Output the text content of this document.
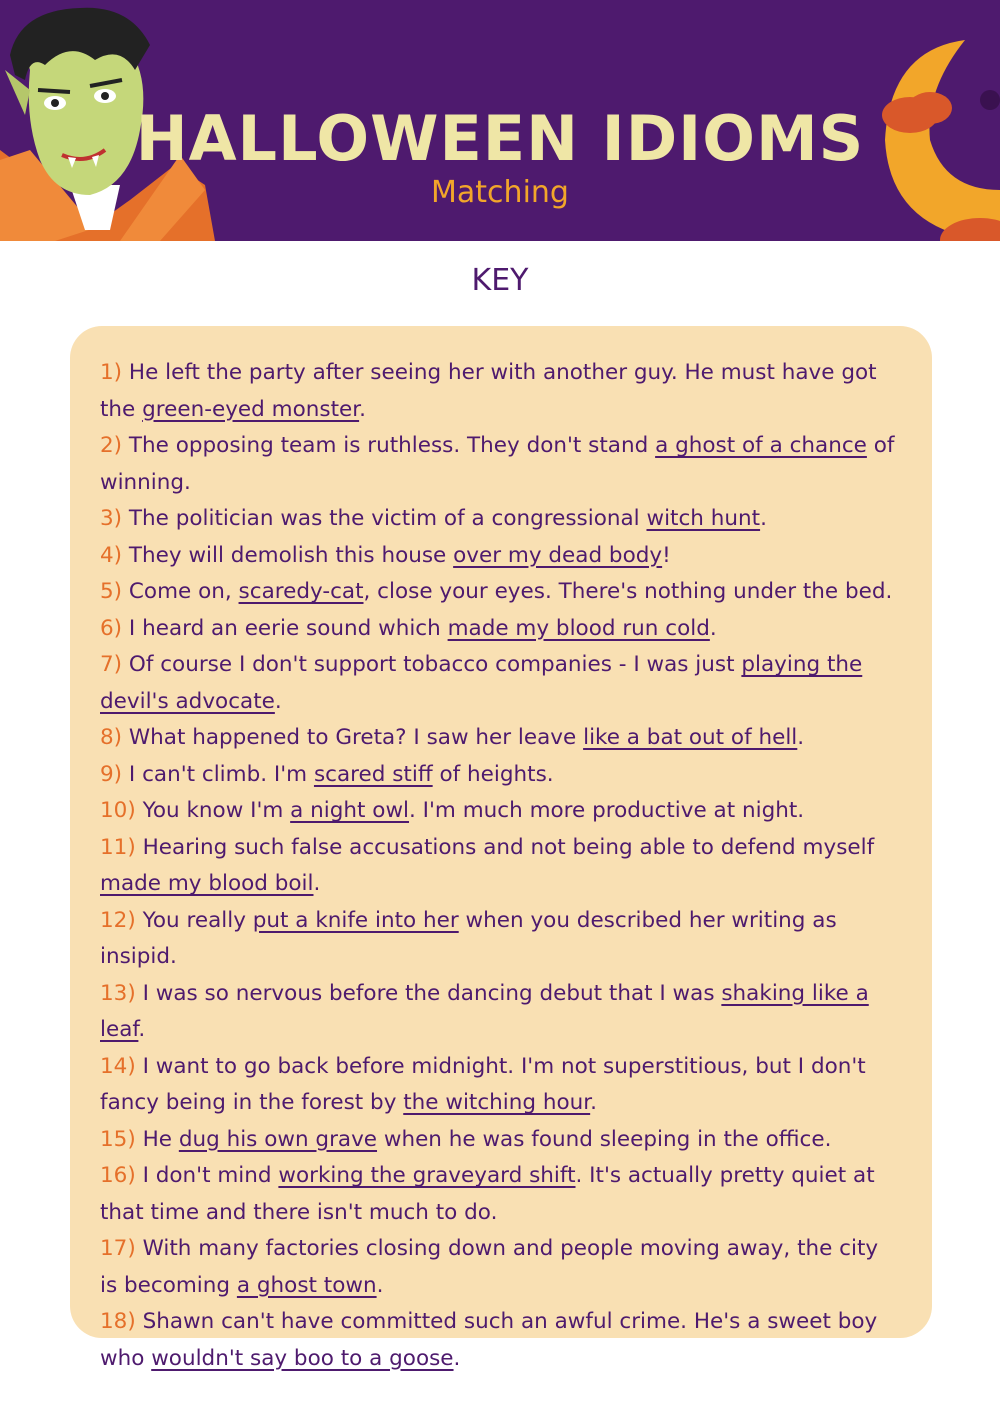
HALLOWEEN IDIOMS
Matching
KEY
1) He left the party after seeing her with another guy. He must have got the green-eyed monster.
2) The opposing team is ruthless. They don't stand a ghost of a chance of winning.
3) The politician was the victim of a congressional witch hunt.
4) They will demolish this house over my dead body!
5) Come on, scaredy-cat, close your eyes. There's nothing under the bed.
6) I heard an eerie sound which made my blood run cold.
7) Of course I don't support tobacco companies - I was just playing the devil's advocate.
8) What happened to Greta? I saw her leave like a bat out of hell.
9) I can't climb. I'm scared stiff of heights.
10) You know I'm a night owl. I'm much more productive at night.
11) Hearing such false accusations and not being able to defend myself made my blood boil.
12) You really put a knife into her when you described her writing as insipid.
13) I was so nervous before the dancing debut that I was shaking like a leaf.
14) I want to go back before midnight. I'm not superstitious, but I don't fancy being in the forest by the witching hour.
15) He dug his own grave when he was found sleeping in the office.
16) I don't mind working the graveyard shift. It's actually pretty quiet at that time and there isn't much to do.
17) With many factories closing down and people moving away, the city is becoming a ghost town.
18) Shawn can't have committed such an awful crime. He's a sweet boy who wouldn't say boo to a goose.
